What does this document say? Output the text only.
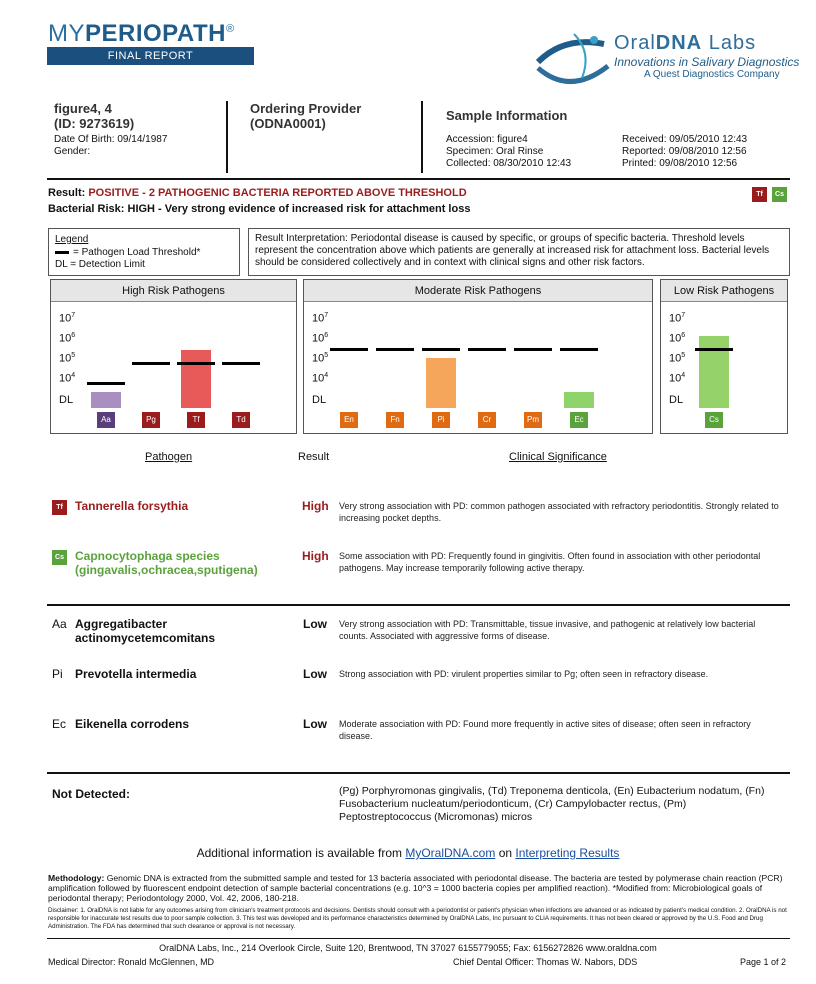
MYPERIOPATH®
FINAL REPORT
OralDNA Labs
Innovations in Salivary Diagnostics
A Quest Diagnostics Company
figure4, 4
(ID: 9273619)
Date Of Birth: 09/14/1987
Gender:
Ordering Provider
(ODNA0001)
Sample Information
Accession: figure4
Specimen: Oral Rinse
Collected: 08/30/2010 12:43
Received: 09/05/2010 12:43
Reported: 09/08/2010 12:56
Printed: 09/08/2010 12:56
Result: POSITIVE - 2 PATHOGENIC BACTERIA REPORTED ABOVE THRESHOLD
Bacterial Risk: HIGH - Very strong evidence of increased risk for attachment loss
Tf	Cs
Legend
= Pathogen Load Threshold*
DL = Detection Limit
Result Interpretation: Periodontal disease is caused by specific, or groups of specific bacteria. Threshold levels represent the concentration above which patients are generally at increased risk for attachment loss. Bacterial levels should be considered collectively and in context with clinical signs and other risk factors.
High Risk Pathogens
$10^7$
$10^6$
$10^5$
$10^4$
DL
Aa	Pg	Tf	Td
Moderate Risk Pathogens
$10^7$
$10^6$
$10^5$
$10^4$
DL
En	Fn	Pi	Cr	Pm	Ec
Low Risk Pathogens
$10^7$
$10^6$
$10^5$
$10^4$
DL
Cs
Pathogen	Result	Clinical Significance
Tf	Tannerella forsythia	High Very strong association with PD: common pathogen associated with refractory periodontitis. Strongly related to increasing pocket depths.
Cs Capnocytophaga species
(gingavalis,ochracea,sputigena)
High Some association with PD: Frequently found in gingivitis. Often found in association with other periodontal pathogens. May increase temporarily following active therapy.
Aa Aggregatibacter
actinomycetemcomitans
Low Very strong association with PD: Transmittable, tissue invasive, and pathogenic at relatively low bacterial counts. Associated with aggressive forms of disease.
Pi Prevotella intermedia	Low Strong association with PD: virulent properties similar to Pg; often seen in refractory disease.
Ec Eikenella corrodens	Low Moderate association with PD: Found more frequently in active sites of disease; often seen in refractory disease.
Not Detected:	(Pg) Porphyromonas gingivalis, (Td) Treponema denticola, (En) Eubacterium nodatum, (Fn) Fusobacterium nucleatum/periodonticum, (Cr) Campylobacter rectus, (Pm) Peptostreptococcus (Micromonas) micros
Additional information is available from MyOralDNA.com on Interpreting Results
Methodology: Genomic DNA is extracted from the submitted sample and tested for 13 bacteria associated with periodontal disease. The bacteria are tested by polymerase chain reaction (PCR) amplification followed by fluorescent endpoint detection of sample bacterial concentrations (e.g. 10^3 = 1000 bacteria copies per amplified reaction). *Modified from: Microbiological goals of periodontal therapy; Periodontology 2000, Vol. 42, 2006, 180-218.
Disclaimer: 1. OralDNA is not liable for any outcomes arising from clinician's treatment protocols and decisions. Dentists should consult with a periodontist or patient's physician when infections are advanced or as indicated by patient's medical condition. 2. OralDNA is not responsible for inaccurate test results due to poor sample collection. 3. This test was developed and its performance characteristics determined by OralDNA Labs, Inc pursuant to CLIA requirements. It has not been cleared or approved by the U.S. Food and Drug Administration. The FDA has determined that such clearance or approval is not necessary.
OralDNA Labs, Inc., 214 Overlook Circle, Suite 120, Brentwood, TN 37027 6155779055; Fax: 6156272826 www.oraldna.com
Medical Director: Ronald McGlennen, MD	Chief Dental Officer: Thomas W. Nabors, DDS	Page 1 of 2
